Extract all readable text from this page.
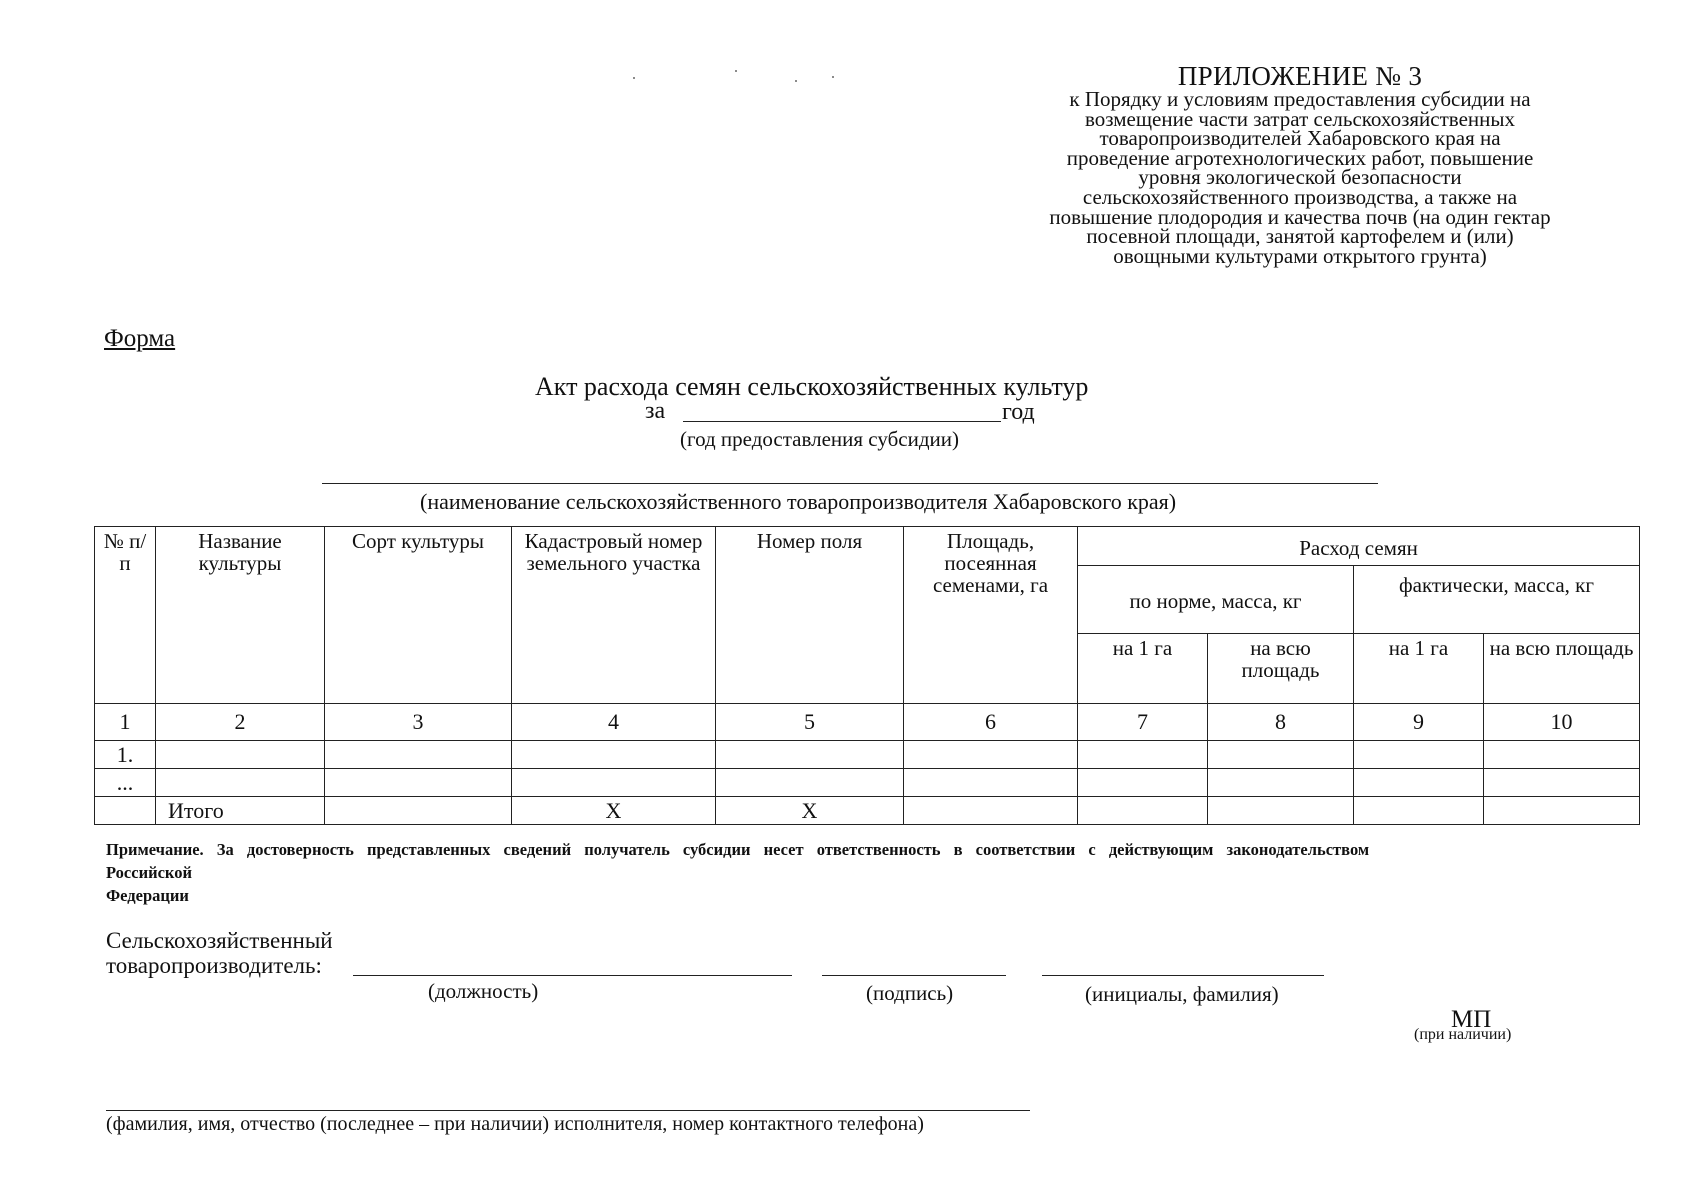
ПРИЛОЖЕНИЕ № 3
к Порядку и условиям предоставления субсидии на
возмещение части затрат сельскохозяйственных
товаропроизводителей Хабаровского края на
проведение агротехнологических работ, повышение
уровня экологической безопасности
сельскохозяйственного производства, а также на
повышение плодородия и качества почв (на один гектар
посевной площади, занятой картофелем и (или)
овощными культурами открытого грунта)
Форма
Акт расхода семян сельскохозяйственных культур
за	год
(год предоставления субсидии)
(наименование сельскохозяйственного товаропроизводителя Хабаровского края)
№ п/п	Название культуры	Сорт культуры	Кадастровый номер земельного участка	Номер поля	Площадь, посеянная семенами, га	Расход семян			
						по норме, масса, кг		фактически, масса, кг	
						на 1 га	на всю площадь	на 1 га	на всю площадь
1	2	3	4	5	6	7	8	9	10
1.									
...									
	Итого		Х	Х					
Примечание. За достоверность представленных сведений получатель субсидии несет ответственность в соответствии с действующим законодательством
Российской
Федерации
Сельскохозяйственный
товаропроизводитель:
(должность)	(подпись)	(инициалы, фамилия)
МП
(при наличии)
(фамилия, имя, отчество (последнее – при наличии) исполнителя, номер контактного телефона)
